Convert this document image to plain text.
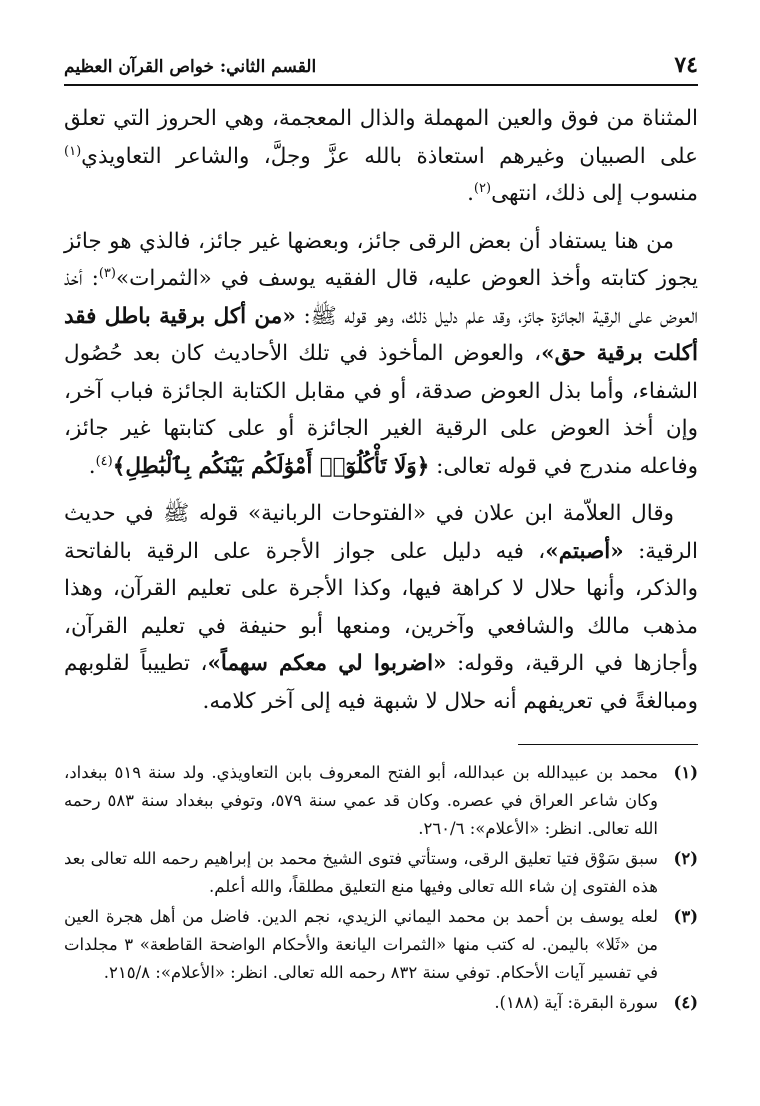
٧٤
القسم الثاني: خواص القرآن العظيم

المثناة من فوق والعين المهملة والذال المعجمة، وهي الحروز التي تعلق على الصبيان وغيرهم استعاذة بالله عزَّ وجلَّ، والشاعر التعاويذي$^{(١)}$ منسوب إلى ذلك، انتهى$^{(٢)}$.

من هنا يستفاد أن بعض الرقى جائز، وبعضها غير جائز، فالذي هو جائز يجوز كتابته وأخذ العوض عليه، قال الفقيه يوسف في «الثمرات»$^{(٣)}$: أخذ العوض على الرقية الجائزة جائز، وقد علم دليل ذلك، وهو قوله ﷺ: «من أكل برقية باطل فقد أكلت برقية حق»، والعوض المأخوذ في تلك الأحاديث كان بعد حُصُول الشفاء، وأما بذل العوض صدقة، أو في مقابل الكتابة الجائزة فباب آخر، وإن أخذ العوض على الرقية الغير الجائزة أو على كتابتها غير جائز، وفاعله مندرج في قوله تعالى: ﴿وَلَا تَأْكُلُوٓا۟ أَمْوَٰلَكُم بَيْنَكُم بِٱلْبَٰطِلِ﴾$^{(٤)}$.

وقال العلاّمة ابن علان في «الفتوحات الربانية» قوله ﷺ في حديث الرقية: «أصبتم»، فيه دليل على جواز الأجرة على الرقية بالفاتحة والذكر، وأنها حلال لا كراهة فيها، وكذا الأجرة على تعليم القرآن، وهذا مذهب مالك والشافعي وآخرين، ومنعها أبو حنيفة في تعليم القرآن، وأجازها في الرقية، وقوله: «اضربوا لي معكم سهماً»، تطييباً لقلوبهم ومبالغةً في تعريفهم أنه حلال لا شبهة فيه إلى آخر كلامه.

(١)
محمد بن عبيدالله بن عبدالله، أبو الفتح المعروف بابن التعاويذي. ولد سنة ٥١٩ ببغداد، وكان شاعر العراق في عصره. وكان قد عمي سنة ٥٧٩، وتوفي ببغداد سنة ٥٨٣ رحمه الله تعالى. انظر: «الأعلام»: ٢٦٠/٦.
(٢)
سبق سَوْق فتيا تعليق الرقى، وستأتي فتوى الشيخ محمد بن إبراهيم رحمه الله تعالى بعد هذه الفتوى إن شاء الله تعالى وفيها منع التعليق مطلقاً، والله أعلم.
(٣)
لعله يوسف بن أحمد بن محمد اليماني الزيدي، نجم الدين. فاضل من أهل هجرة العين من «ثَلا» باليمن. له كتب منها «الثمرات اليانعة والأحكام الواضحة القاطعة» ٣ مجلدات في تفسير آيات الأحكام. توفي سنة ٨٣٢ رحمه الله تعالى. انظر: «الأعلام»: ٢١٥/٨.
(٤)
سورة البقرة: آية (١٨٨).
